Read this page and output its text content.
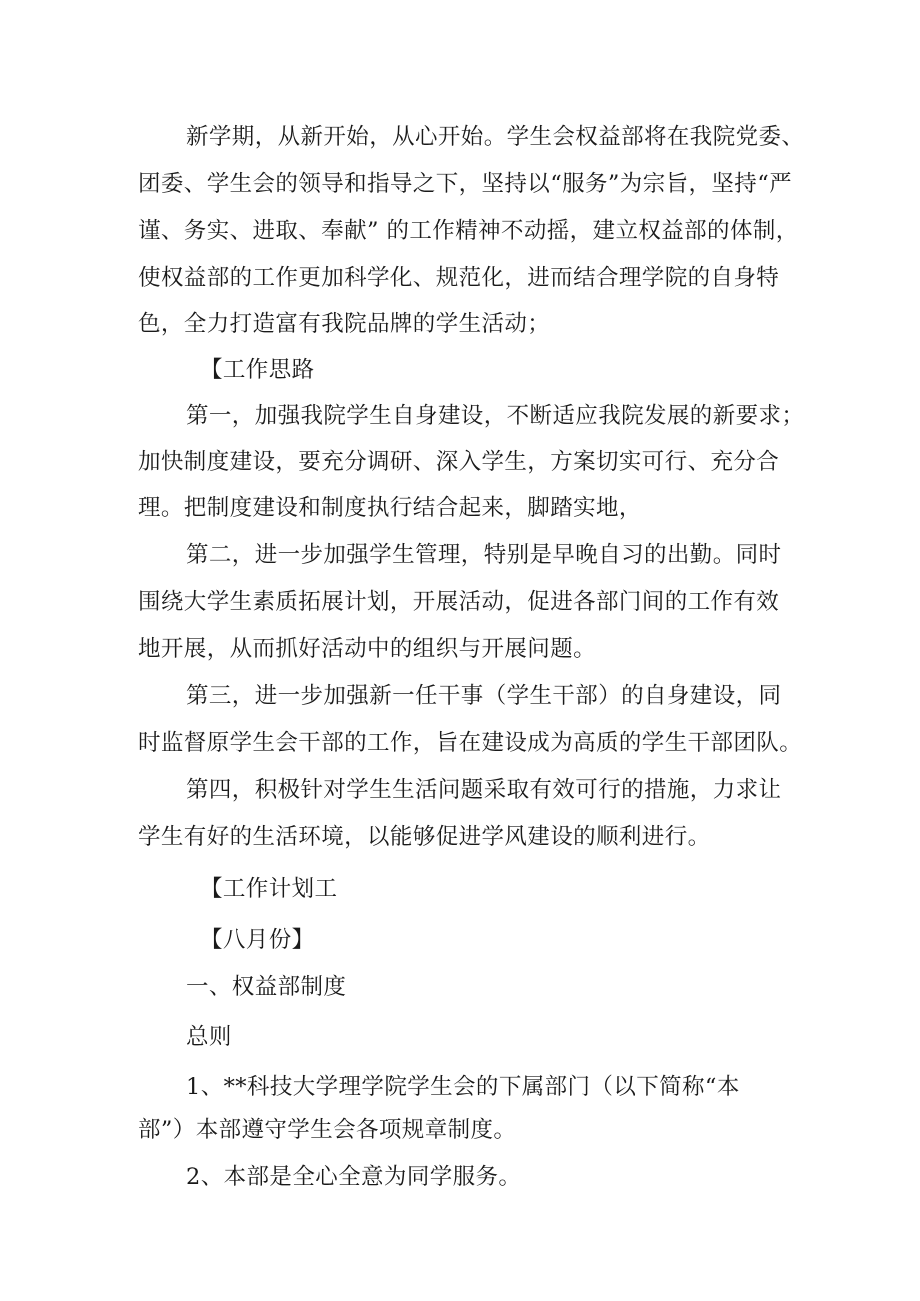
新学期，从新开始，从心开始。学生会权益部将在我院党委、
团委、学生会的领导和指导之下，坚持以“服务”为宗旨，坚持“严
谨、务实、进取、奉献” 的工作精神不动摇，建立权益部的体制，
使权益部的工作更加科学化、规范化，进而结合理学院的自身特
色，全力打造富有我院品牌的学生活动；
【工作思路
第一，加强我院学生自身建设，不断适应我院发展的新要求；
加快制度建设，要充分调研、深入学生，方案切实可行、充分合
理。把制度建设和制度执行结合起来，脚踏实地，
第二，进一步加强学生管理，特别是早晚自习的出勤。同时
围绕大学生素质拓展计划，开展活动，促进各部门间的工作有效
地开展，从而抓好活动中的组织与开展问题。
第三，进一步加强新一任干事（学生干部）的自身建设，同
时监督原学生会干部的工作，旨在建设成为高质的学生干部团队。
第四，积极针对学生生活问题采取有效可行的措施，力求让
学生有好的生活环境，以能够促进学风建设的顺利进行。
【工作计划工
【八月份】
一、权益部制度
总则
1、**科技大学理学院学生会的下属部门（以下简称“本
部”）本部遵守学生会各项规章制度。
2、本部是全心全意为同学服务。
